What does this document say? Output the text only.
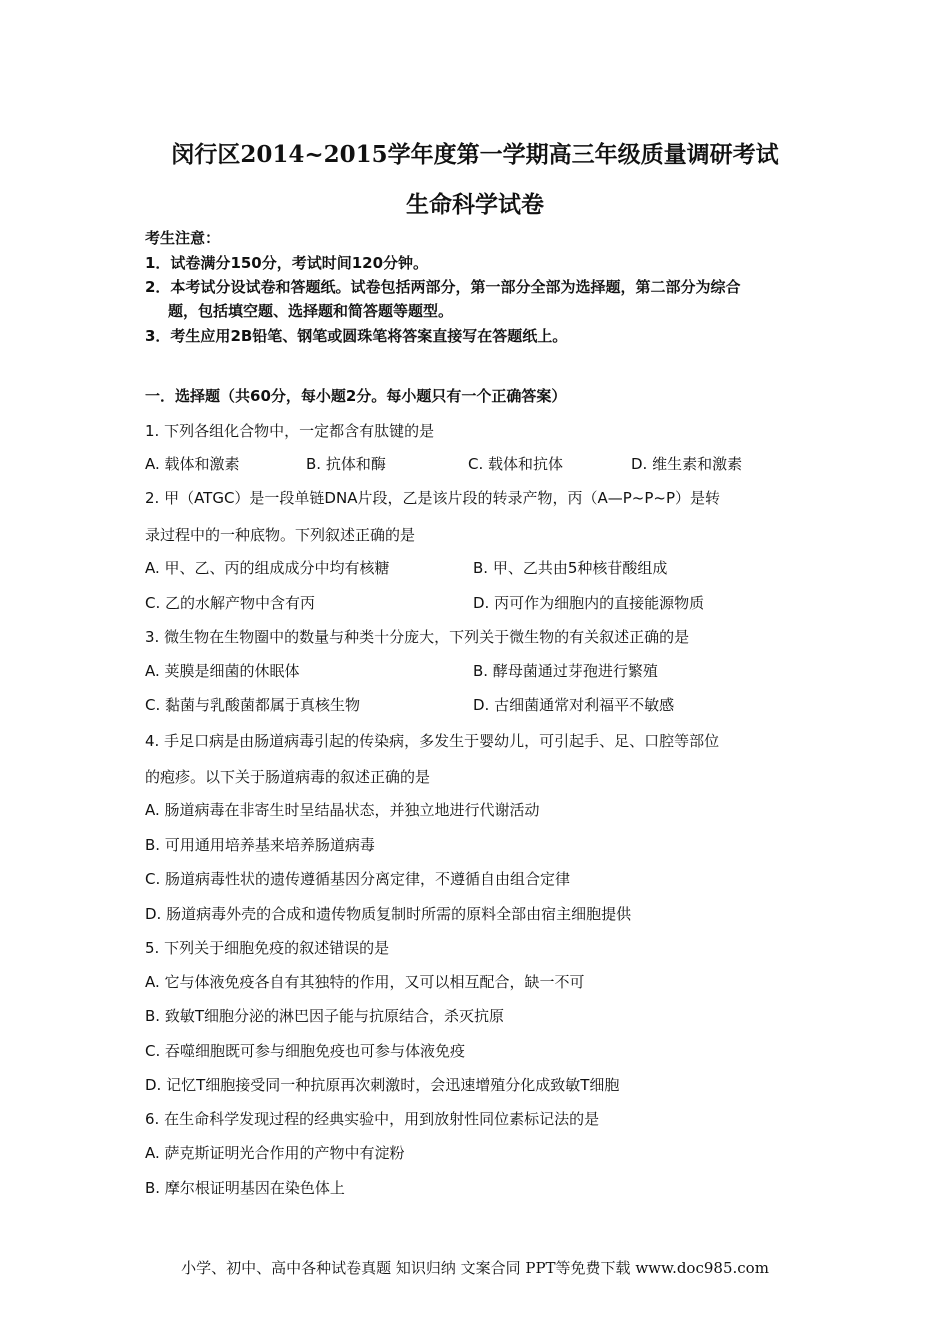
闵行区2014~2015学年度第一学期高三年级质量调研考试
生命科学试卷
考生注意：
1．试卷满分150分，考试时间120分钟。
2．本考试分设试卷和答题纸。试卷包括两部分，第一部分全部为选择题，第二部分为综合
题，包括填空题、选择题和简答题等题型。
3．考生应用2B铅笔、钢笔或圆珠笔将答案直接写在答题纸上。
一．选择题（共60分，每小题2分。每小题只有一个正确答案）
1. 下列各组化合物中，一定都含有肽键的是
A. 载体和激素	B. 抗体和酶	C. 载体和抗体	D. 维生素和激素
2. 甲（ATGC）是一段单链DNA片段，乙是该片段的转录产物，丙（A—P~P~P）是转
录过程中的一种底物。下列叙述正确的是
A. 甲、乙、丙的组成成分中均有核糖	B. 甲、乙共由5种核苷酸组成
C. 乙的水解产物中含有丙	D. 丙可作为细胞内的直接能源物质
3. 微生物在生物圈中的数量与种类十分庞大，下列关于微生物的有关叙述正确的是
A. 荚膜是细菌的休眠体	B. 酵母菌通过芽孢进行繁殖
C. 黏菌与乳酸菌都属于真核生物	D. 古细菌通常对利福平不敏感
4. 手足口病是由肠道病毒引起的传染病，多发生于婴幼儿，可引起手、足、口腔等部位
的疱疹。以下关于肠道病毒的叙述正确的是
A. 肠道病毒在非寄生时呈结晶状态，并独立地进行代谢活动
B. 可用通用培养基来培养肠道病毒
C. 肠道病毒性状的遗传遵循基因分离定律，不遵循自由组合定律
D. 肠道病毒外壳的合成和遗传物质复制时所需的原料全部由宿主细胞提供
5. 下列关于细胞免疫的叙述错误的是
A. 它与体液免疫各自有其独特的作用，又可以相互配合，缺一不可
B. 致敏T细胞分泌的淋巴因子能与抗原结合，杀灭抗原
C. 吞噬细胞既可参与细胞免疫也可参与体液免疫
D. 记忆T细胞接受同一种抗原再次刺激时，会迅速增殖分化成致敏T细胞
6. 在生命科学发现过程的经典实验中，用到放射性同位素标记法的是
A. 萨克斯证明光合作用的产物中有淀粉
B. 摩尔根证明基因在染色体上
小学、初中、高中各种试卷真题 知识归纳 文案合同 PPT等免费下载 www.doc985.com
